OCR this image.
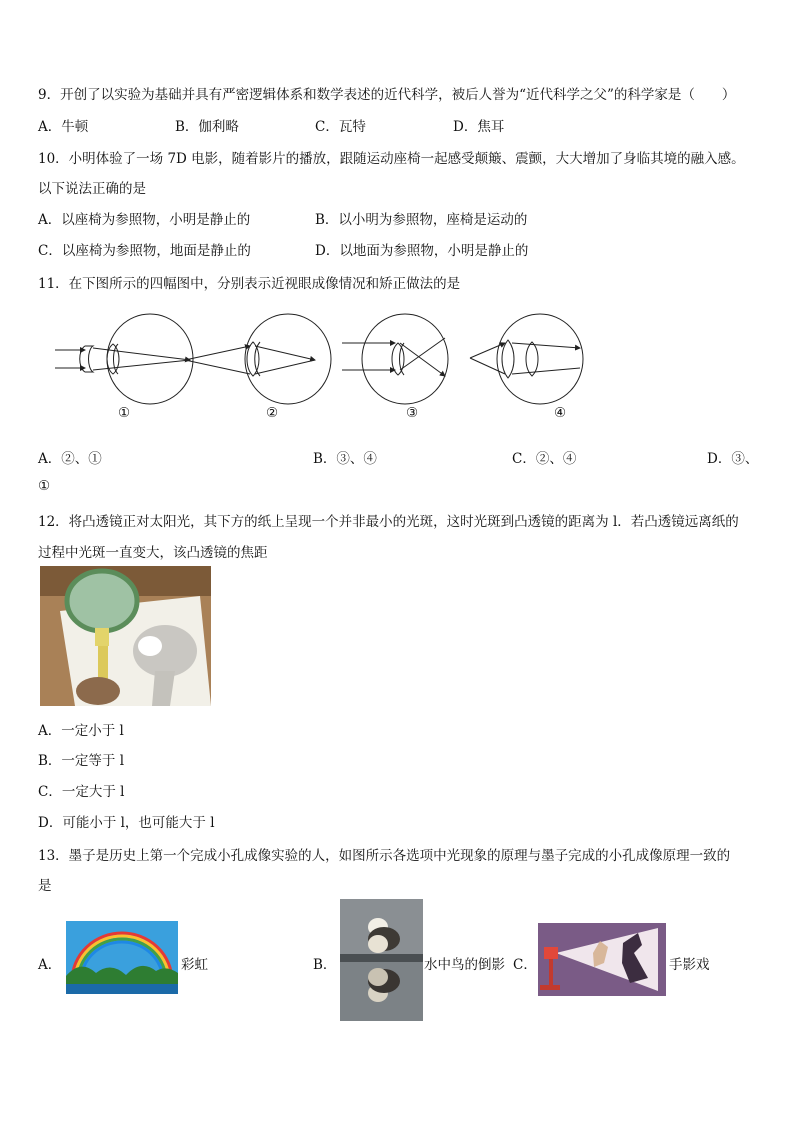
9．开创了以实验为基础并具有严密逻辑体系和数学表述的近代科学，被后人誉为“近代科学之父”的科学家是（　　）
A．牛顿	B．伽利略	C．瓦特	D．焦耳
10．小明体验了一场 7D 电影，随着影片的播放，跟随运动座椅一起感受颠簸、震颤，大大增加了身临其境的融入感。
以下说法正确的是
A．以座椅为参照物，小明是静止的	B．以小明为参照物，座椅是运动的
C．以座椅为参照物，地面是静止的	D．以地面为参照物，小明是静止的
11．在下图所示的四幅图中，分别表示近视眼成像情况和矫正做法的是
①	②	③	④
A．②、①	B．③、④	C．②、④	D．③、
①
12．将凸透镜正对太阳光，其下方的纸上呈现一个并非最小的光斑，这时光斑到凸透镜的距离为 l．若凸透镜远离纸的
过程中光斑一直变大，该凸透镜的焦距
A．一定小于 l
B．一定等于 l
C．一定大于 l
D．可能小于 l，也可能大于 l
13．墨子是历史上第一个完成小孔成像实验的人，如图所示各选项中光现象的原理与墨子完成的小孔成像原理一致的
是
A．	彩虹	B．	水中鸟的倒影 C．	手影戏
